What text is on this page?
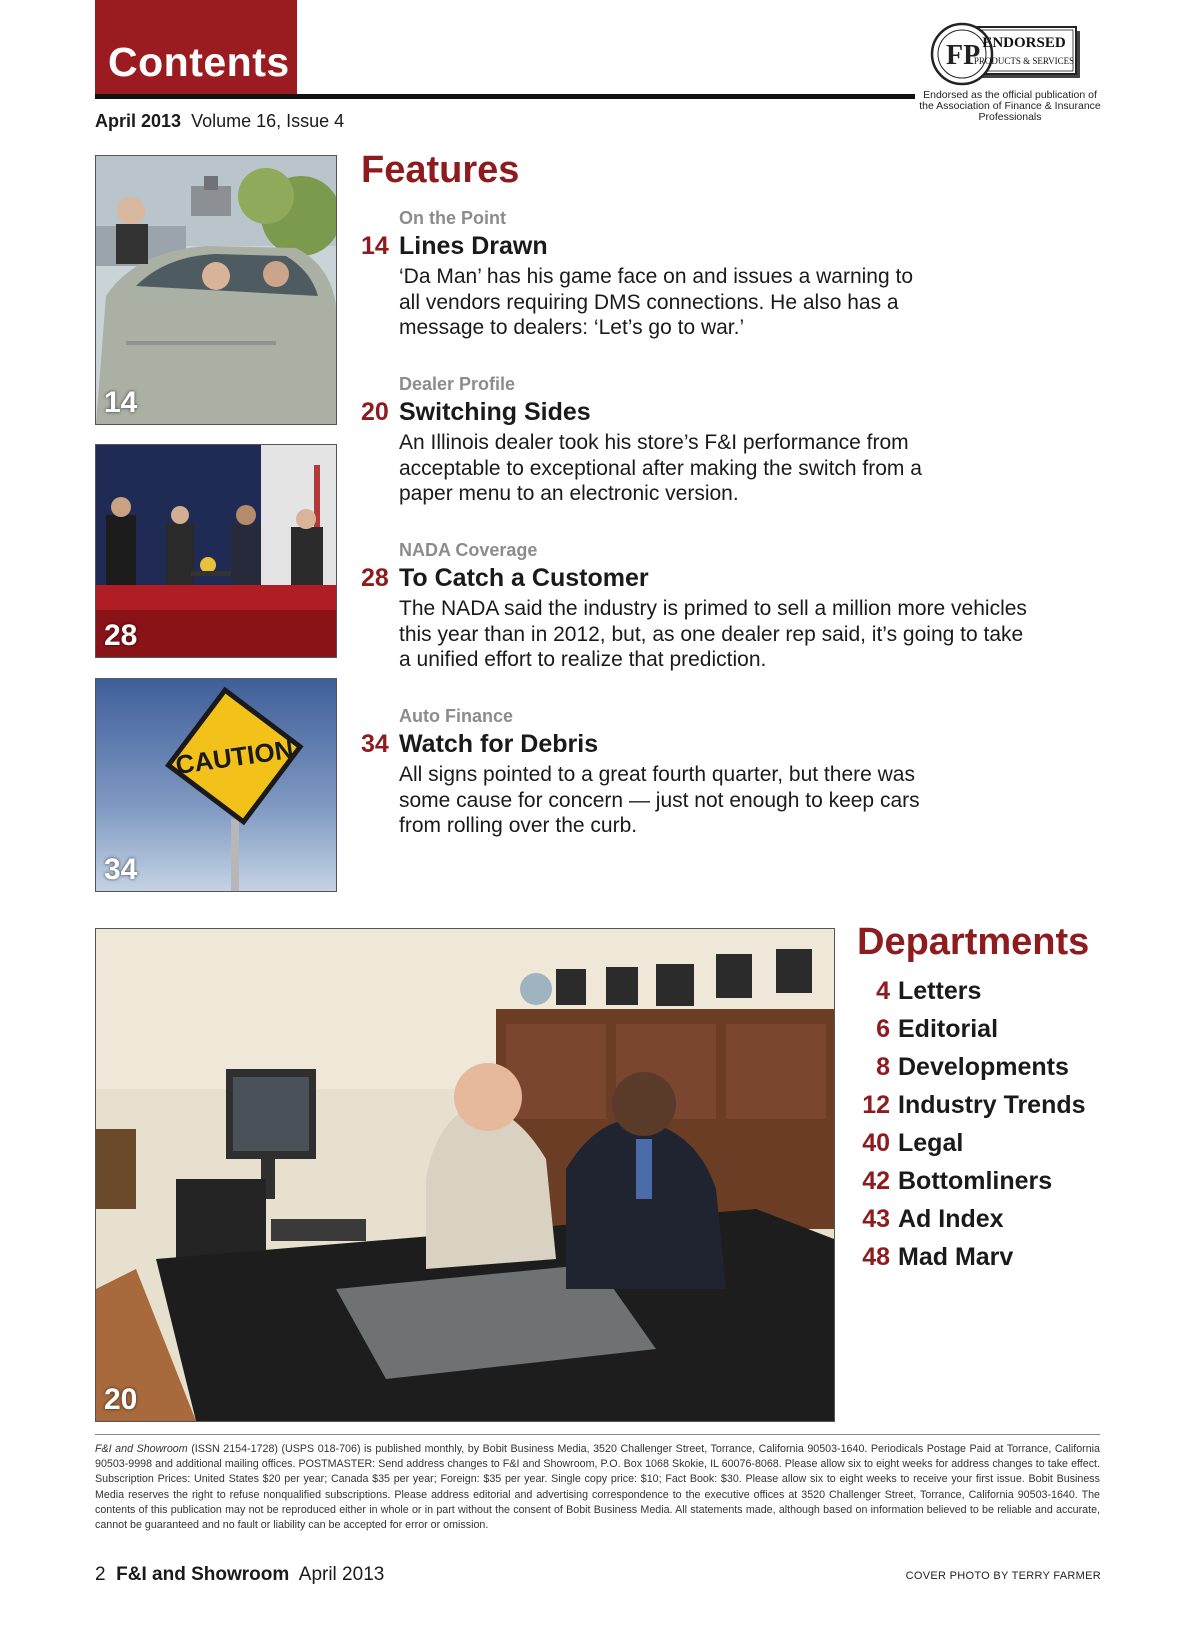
Contents
April 2013 Volume 16, Issue 4
FP ENDORSED
PRODUCTS & SERVICES
Endorsed as the official publication of the Association of Finance & Insurance Professionals
14
28
CAUTION
34
Features
On the Point
14 Lines Drawn
‘Da Man’ has his game face on and issues a warning to all vendors requiring DMS connections. He also has a message to dealers: ‘Let’s go to war.’
Dealer Profile
20 Switching Sides
An Illinois dealer took his store’s F&I performance from acceptable to exceptional after making the switch from a paper menu to an electronic version.
NADA Coverage
28 To Catch a Customer
The NADA said the industry is primed to sell a million more vehicles this year than in 2012, but, as one dealer rep said, it’s going to take a unified effort to realize that prediction.
Auto Finance
34 Watch for Debris
All signs pointed to a great fourth quarter, but there was some cause for concern — just not enough to keep cars from rolling over the curb.
20
Departments
4 Letters
6 Editorial
8 Developments
12 Industry Trends
40 Legal
42 Bottomliners
43 Ad Index
48 Mad Marv
F&I and Showroom (ISSN 2154-1728) (USPS 018-706) is published monthly, by Bobit Business Media, 3520 Challenger Street, Torrance, California 90503-1640. Periodicals Postage Paid at Torrance, California 90503-9998 and additional mailing offices. POSTMASTER: Send address changes to F&I and Showroom, P.O. Box 1068 Skokie, IL 60076-8068. Please allow six to eight weeks for address changes to take effect. Subscription Prices: United States $20 per year; Canada $35 per year; Foreign: $35 per year. Single copy price: $10; Fact Book: $30. Please allow six to eight weeks to receive your first issue. Bobit Business Media reserves the right to refuse nonqualified subscriptions. Please address editorial and advertising correspondence to the executive offices at 3520 Challenger Street, Torrance, California 90503-1640. The contents of this publication may not be reproduced either in whole or in part without the consent of Bobit Business Media. All statements made, although based on information believed to be reliable and accurate, cannot be guaranteed and no fault or liability can be accepted for error or omission.
2 F&I and Showroom April 2013	COVER PHOTO BY TERRY FARMER
